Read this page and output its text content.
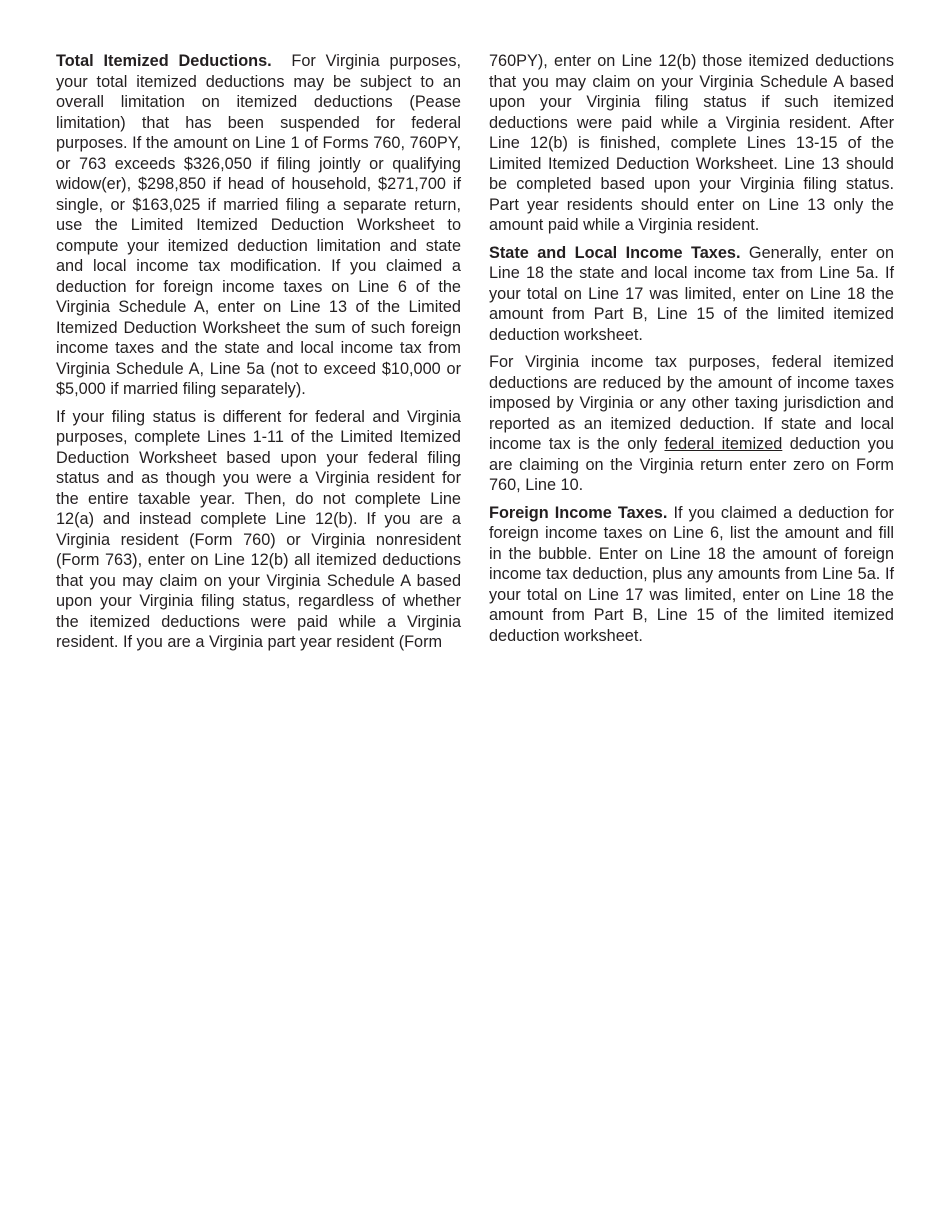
Total Itemized Deductions. For Virginia purposes, your total itemized deductions may be subject to an overall limitation on itemized deductions (Pease limitation) that has been suspended for federal purposes. If the amount on Line 1 of Forms 760, 760PY, or 763 exceeds $326,050 if filing jointly or qualifying widow(er), $298,850 if head of household, $271,700 if single, or $163,025 if married filing a separate return, use the Limited Itemized Deduction Worksheet to compute your itemized deduction limitation and state and local income tax modification. If you claimed a deduction for foreign income taxes on Line 6 of the Virginia Schedule A, enter on Line 13 of the Limited Itemized Deduction Worksheet the sum of such foreign income taxes and the state and local income tax from Virginia Schedule A, Line 5a (not to exceed $10,000 or $5,000 if married filing separately).

If your filing status is different for federal and Virginia purposes, complete Lines 1-11 of the Limited Itemized Deduction Worksheet based upon your federal filing status and as though you were a Virginia resident for the entire taxable year. Then, do not complete Line 12(a) and instead complete Line 12(b). If you are a Virginia resident (Form 760) or Virginia nonresident (Form 763), enter on Line 12(b) all itemized deductions that you may claim on your Virginia Schedule A based upon your Virginia filing status, regardless of whether the itemized deductions were paid while a Virginia resident. If you are a Virginia part year resident (Form

760PY), enter on Line 12(b) those itemized deductions that you may claim on your Virginia Schedule A based upon your Virginia filing status if such itemized deductions were paid while a Virginia resident. After Line 12(b) is finished, complete Lines 13-15 of the Limited Itemized Deduction Worksheet. Line 13 should be completed based upon your Virginia filing status. Part year residents should enter on Line 13 only the amount paid while a Virginia resident.

State and Local Income Taxes. Generally, enter on Line 18 the state and local income tax from Line 5a. If your total on Line 17 was limited, enter on Line 18 the amount from Part B, Line 15 of the limited itemized deduction worksheet.

For Virginia income tax purposes, federal itemized deductions are reduced by the amount of income taxes imposed by Virginia or any other taxing jurisdiction and reported as an itemized deduction. If state and local income tax is the only federal itemized deduction you are claiming on the Virginia return enter zero on Form 760, Line 10.

Foreign Income Taxes. If you claimed a deduction for foreign income taxes on Line 6, list the amount and fill in the bubble. Enter on Line 18 the amount of foreign income tax deduction, plus any amounts from Line 5a. If your total on Line 17 was limited, enter on Line 18 the amount from Part B, Line 15 of the limited itemized deduction worksheet.
